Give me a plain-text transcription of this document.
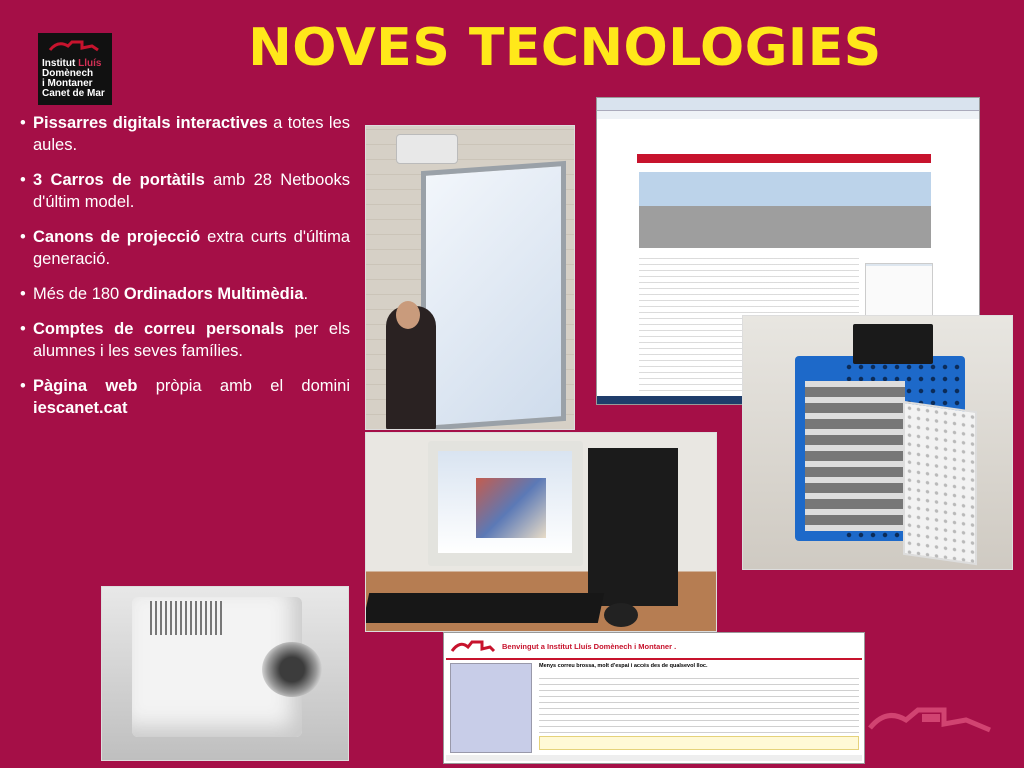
NOVES TECNOLOGIES
Institut Lluís
Domènech
i Montaner
Canet de Mar
• Pissarres digitals interactives a totes les aules.
• 3 Carros de portàtils amb 28 Netbooks d'últim model.
• Canons de projecció extra curts d'última generació.
• Més de 180 Ordinadors Multimèdia.
• Comptes de correu personals per els alumnes i les seves famílies.
• Pàgina web pròpia amb el domini iescanet.cat
Benvingut a Institut Lluís Domènech i Montaner .
Menys correu brossa, molt d'espai i accés des de qualsevol lloc.
